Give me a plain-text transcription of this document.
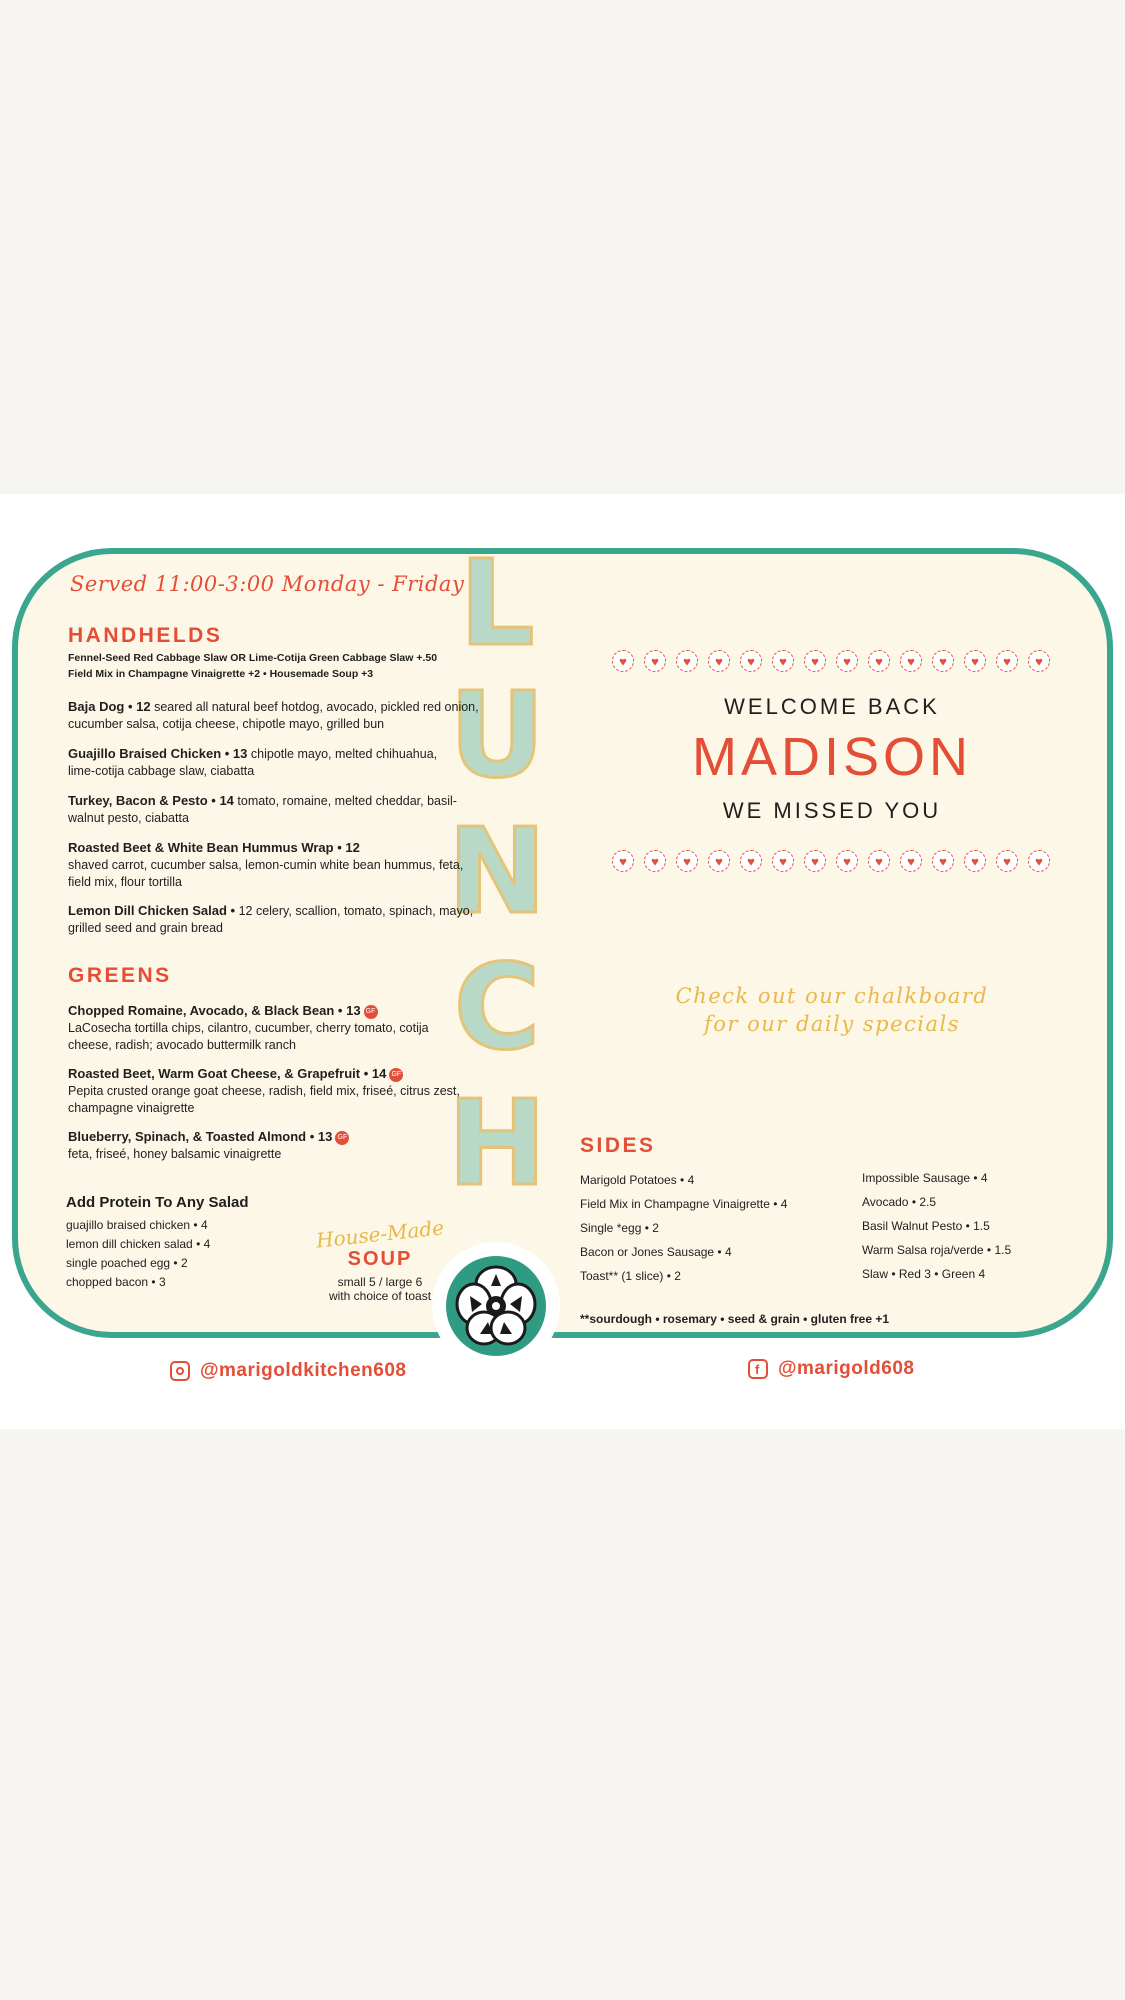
Served 11:00-3:00 Monday - Friday
L
U
N
C
H
HANDHELDS
Fennel-Seed Red Cabbage Slaw OR Lime-Cotija Green Cabbage Slaw +.50
Field Mix in Champagne Vinaigrette +2 • Housemade Soup +3
Baja Dog • 12 seared all natural beef hotdog, avocado, pickled red onion, cucumber salsa, cotija cheese, chipotle mayo, grilled bun
Guajillo Braised Chicken • 13 chipotle mayo, melted chihuahua, lime-cotija cabbage slaw, ciabatta
Turkey, Bacon & Pesto • 14 tomato, romaine, melted cheddar, basil-walnut pesto, ciabatta
Roasted Beet & White Bean Hummus Wrap • 12
shaved carrot, cucumber salsa, lemon-cumin white bean hummus, feta, field mix, flour tortilla
Lemon Dill Chicken Salad • 12 celery, scallion, tomato, spinach, mayo, grilled seed and grain bread
GREENS
Chopped Romaine, Avocado, & Black Bean • 13 GF
LaCosecha tortilla chips, cilantro, cucumber, cherry tomato, cotija cheese, radish; avocado buttermilk ranch
Roasted Beet, Warm Goat Cheese, & Grapefruit • 14 GF
Pepita crusted orange goat cheese, radish, field mix, friseé, citrus zest, champagne vinaigrette
Blueberry, Spinach, & Toasted Almond • 13 GF
feta, friseé, honey balsamic vinaigrette
Add Protein To Any Salad
guajillo braised chicken • 4
lemon dill chicken salad • 4
single poached egg • 2
chopped bacon • 3
House-Made
SOUP
small 5 / large 6
with choice of toast
♥	♥	♥	♥	♥	♥	♥	♥	♥	♥	♥	♥	♥	♥
WELCOME BACK
MADISON
WE MISSED YOU
♥	♥	♥	♥	♥	♥	♥	♥	♥	♥	♥	♥	♥	♥
Check out our chalkboard
for our daily specials
SIDES
Marigold Potatoes • 4
Field Mix in Champagne Vinaigrette • 4
Single *egg • 2
Bacon or Jones Sausage • 4
Toast** (1 slice) • 2
Impossible Sausage • 4
Avocado • 2.5
Basil Walnut Pesto • 1.5
Warm Salsa roja/verde • 1.5
Slaw • Red 3 • Green 4
**sourdough • rosemary • seed & grain • gluten free +1
@marigoldkitchen608	f @marigold608
